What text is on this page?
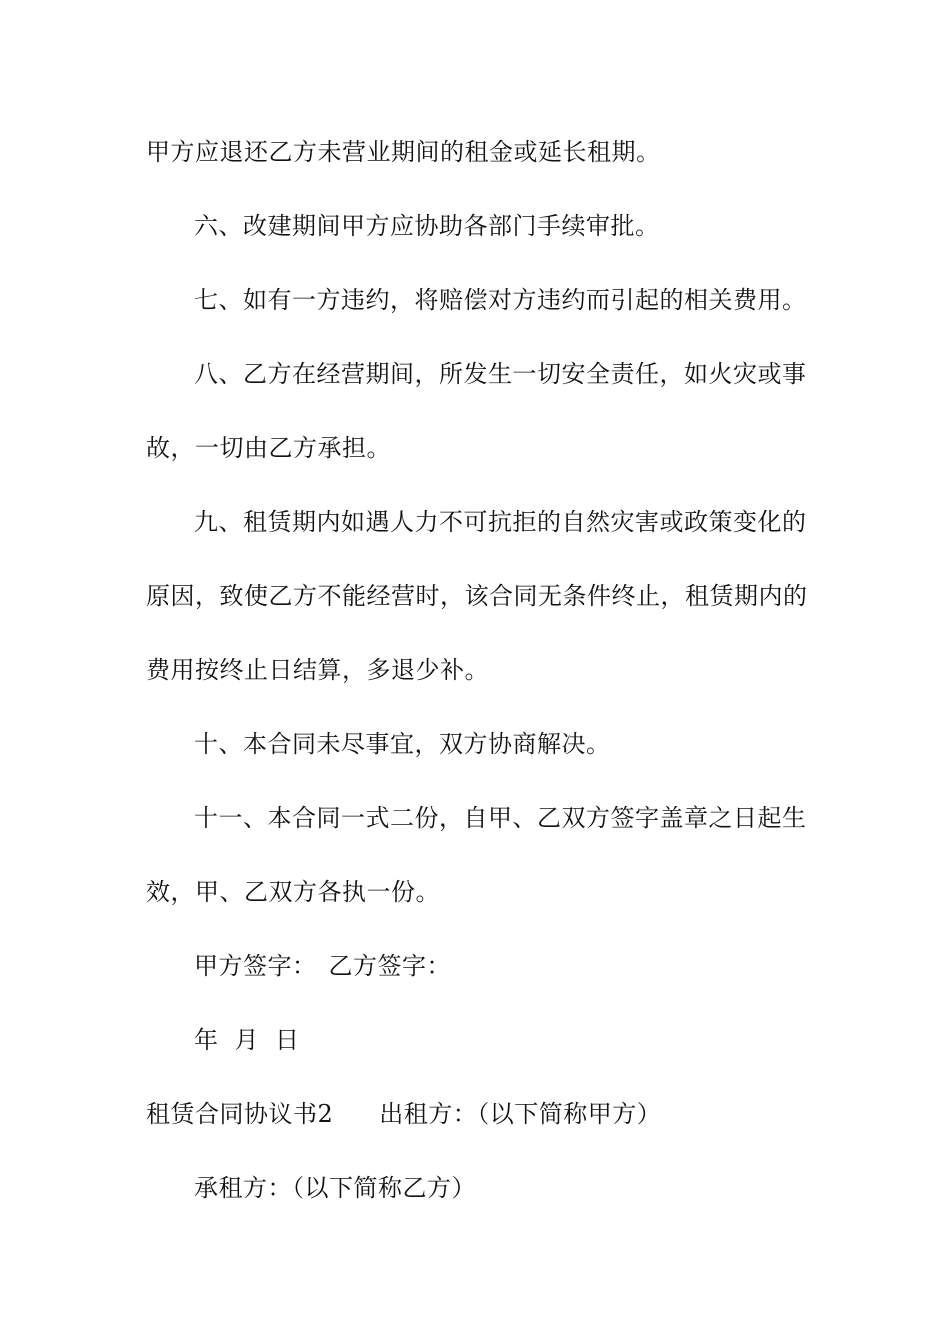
甲方应退还乙方未营业期间的租金或延长租期。
六、改建期间甲方应协助各部门手续审批。
七、如有一方违约，将赔偿对方违约而引起的相关费用。
八、乙方在经营期间，所发生一切安全责任，如火灾或事
故，一切由乙方承担。
九、租赁期内如遇人力不可抗拒的自然灾害或政策变化的
原因，致使乙方不能经营时，该合同无条件终止，租赁期内的
费用按终止日结算，多退少补。
十、本合同未尽事宜，双方协商解决。
十一、本合同一式二份，自甲、乙双方签字盖章之日起生
效，甲、乙双方各执一份。
甲方签字： 乙方签字：
年 月 日
租赁合同协议书2 出租方：（以下简称甲方）
承租方：（以下简称乙方）
